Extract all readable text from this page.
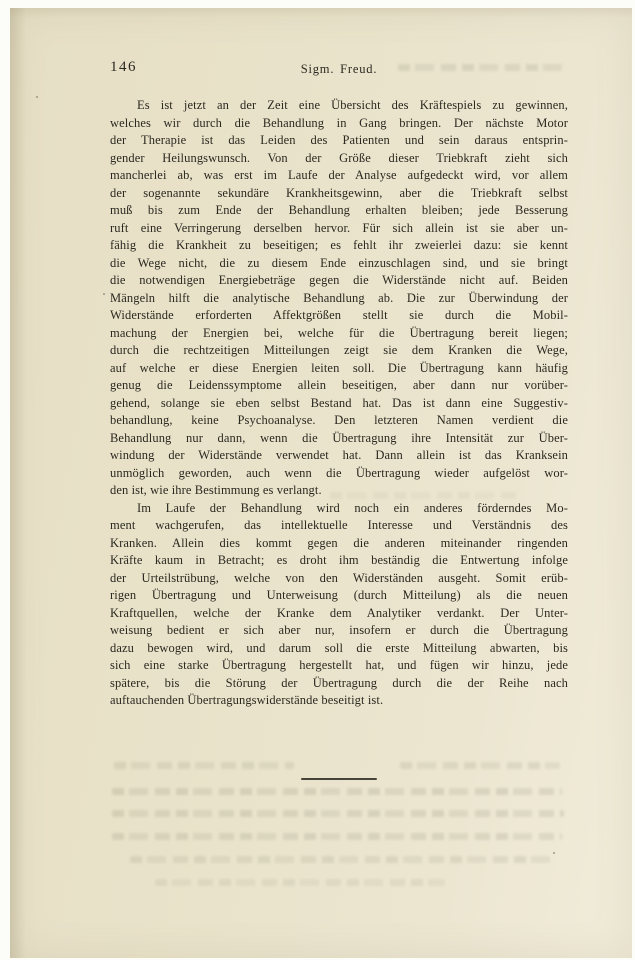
146	Sigm. Freud.
Es ist jetzt an der Zeit eine Übersicht des Kräftespiels zu gewinnen,
welches wir durch die Behandlung in Gang bringen. Der nächste Motor
der Therapie ist das Leiden des Patienten und sein daraus entsprin-
gender Heilungswunsch. Von der Größe dieser Triebkraft zieht sich
mancherlei ab, was erst im Laufe der Analyse aufgedeckt wird, vor allem
der sogenannte sekundäre Krankheitsgewinn, aber die Triebkraft selbst
muß bis zum Ende der Behandlung erhalten bleiben; jede Besserung
ruft eine Verringerung derselben hervor. Für sich allein ist sie aber un-
fähig die Krankheit zu beseitigen; es fehlt ihr zweierlei dazu: sie kennt
die Wege nicht, die zu diesem Ende einzuschlagen sind, und sie bringt
die notwendigen Energiebeträge gegen die Widerstände nicht auf. Beiden
Mängeln hilft die analytische Behandlung ab. Die zur Überwindung der
Widerstände erforderten Affektgrößen stellt sie durch die Mobil-
machung der Energien bei, welche für die Übertragung bereit liegen;
durch die rechtzeitigen Mitteilungen zeigt sie dem Kranken die Wege,
auf welche er diese Energien leiten soll. Die Übertragung kann häufig
genug die Leidenssymptome allein beseitigen, aber dann nur vorüber-
gehend, solange sie eben selbst Bestand hat. Das ist dann eine Suggestiv-
behandlung, keine Psychoanalyse. Den letzteren Namen verdient die
Behandlung nur dann, wenn die Übertragung ihre Intensität zur Über-
windung der Widerstände verwendet hat. Dann allein ist das Kranksein
unmöglich geworden, auch wenn die Übertragung wieder aufgelöst wor-
den ist, wie ihre Bestimmung es verlangt.
Im Laufe der Behandlung wird noch ein anderes förderndes Mo-
ment wachgerufen, das intellektuelle Interesse und Verständnis des
Kranken. Allein dies kommt gegen die anderen miteinander ringenden
Kräfte kaum in Betracht; es droht ihm beständig die Entwertung infolge
der Urteilstrübung, welche von den Widerständen ausgeht. Somit erüb-
rigen Übertragung und Unterweisung (durch Mitteilung) als die neuen
Kraftquellen, welche der Kranke dem Analytiker verdankt. Der Unter-
weisung bedient er sich aber nur, insofern er durch die Übertragung
dazu bewogen wird, und darum soll die erste Mitteilung abwarten, bis
sich eine starke Übertragung hergestellt hat, und fügen wir hinzu, jede
spätere, bis die Störung der Übertragung durch die der Reihe nach
auftauchenden Übertragungswiderstände beseitigt ist.
